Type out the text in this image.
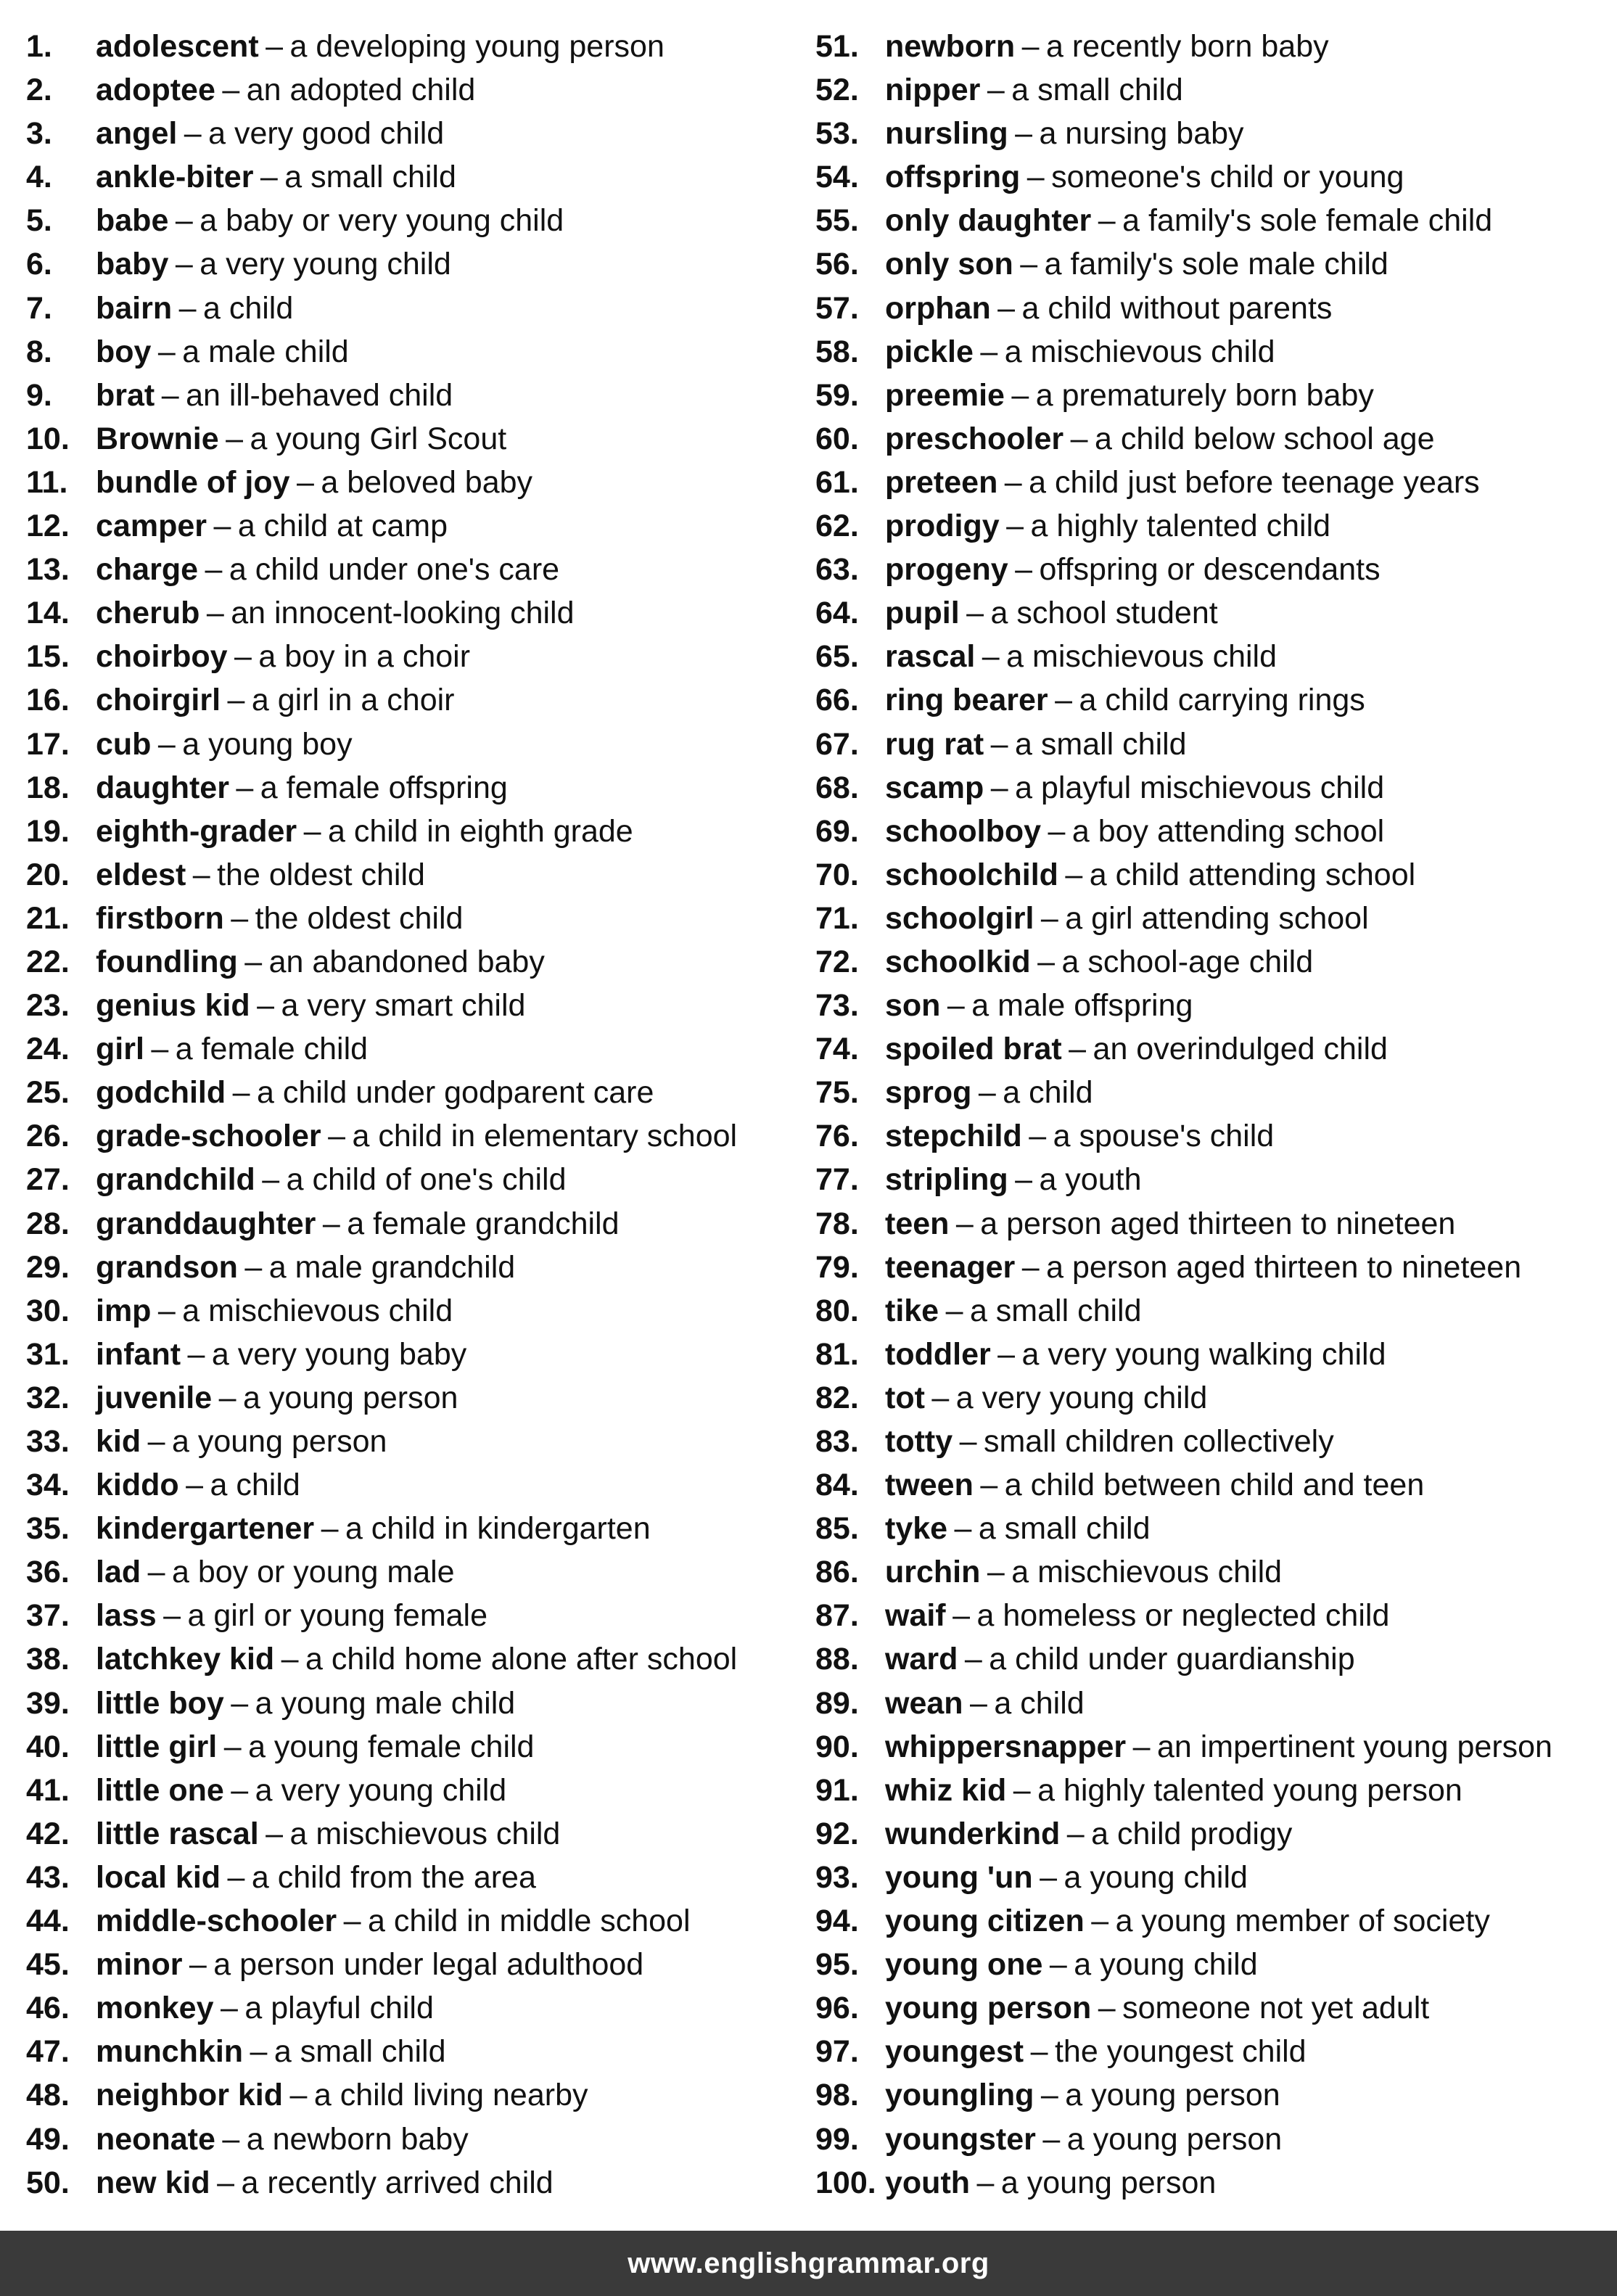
1.	adolescent – a developing young person
2.	adoptee – an adopted child
3.	angel – a very good child
4.	ankle-biter – a small child
5.	babe – a baby or very young child
6.	baby – a very young child
7.	bairn – a child
8.	boy – a male child
9.	brat – an ill-behaved child
10. Brownie – a young Girl Scout
11. bundle of joy – a beloved baby
12. camper – a child at camp
13. charge – a child under one's care
14. cherub – an innocent-looking child
15. choirboy – a boy in a choir
16. choirgirl – a girl in a choir
17. cub – a young boy
18. daughter – a female offspring
19. eighth-grader – a child in eighth grade
20. eldest – the oldest child
21. firstborn – the oldest child
22. foundling – an abandoned baby
23. genius kid – a very smart child
24. girl – a female child
25. godchild – a child under godparent care
26. grade-schooler – a child in elementary school
27. grandchild – a child of one's child
28. granddaughter – a female grandchild
29. grandson – a male grandchild
30. imp – a mischievous child
31. infant – a very young baby
32. juvenile – a young person
33. kid – a young person
34. kiddo – a child
35. kindergartener – a child in kindergarten
36. lad – a boy or young male
37. lass – a girl or young female
38. latchkey kid – a child home alone after school
39. little boy – a young male child
40. little girl – a young female child
41. little one – a very young child
42. little rascal – a mischievous child
43. local kid – a child from the area
44. middle-schooler – a child in middle school
45. minor – a person under legal adulthood
46. monkey – a playful child
47. munchkin – a small child
48. neighbor kid – a child living nearby
49. neonate – a newborn baby
50. new kid – a recently arrived child
51. newborn – a recently born baby
52. nipper – a small child
53. nursling – a nursing baby
54. offspring – someone's child or young
55. only daughter – a family's sole female child
56. only son – a family's sole male child
57. orphan – a child without parents
58. pickle – a mischievous child
59. preemie – a prematurely born baby
60. preschooler – a child below school age
61. preteen – a child just before teenage years
62. prodigy – a highly talented child
63. progeny – offspring or descendants
64. pupil – a school student
65. rascal – a mischievous child
66. ring bearer – a child carrying rings
67. rug rat – a small child
68. scamp – a playful mischievous child
69. schoolboy – a boy attending school
70. schoolchild – a child attending school
71. schoolgirl – a girl attending school
72. schoolkid – a school-age child
73. son – a male offspring
74. spoiled brat – an overindulged child
75. sprog – a child
76. stepchild – a spouse's child
77. stripling – a youth
78. teen – a person aged thirteen to nineteen
79. teenager – a person aged thirteen to nineteen
80. tike – a small child
81. toddler – a very young walking child
82. tot – a very young child
83. totty – small children collectively
84. tween – a child between child and teen
85. tyke – a small child
86. urchin – a mischievous child
87. waif – a homeless or neglected child
88. ward – a child under guardianship
89. wean – a child
90. whippersnapper – an impertinent young person
91. whiz kid – a highly talented young person
92. wunderkind – a child prodigy
93. young 'un – a young child
94. young citizen – a young member of society
95. young one – a young child
96. young person – someone not yet adult
97. youngest – the youngest child
98. youngling – a young person
99. youngster – a young person
100. youth – a young person
www.englishgrammar.org
